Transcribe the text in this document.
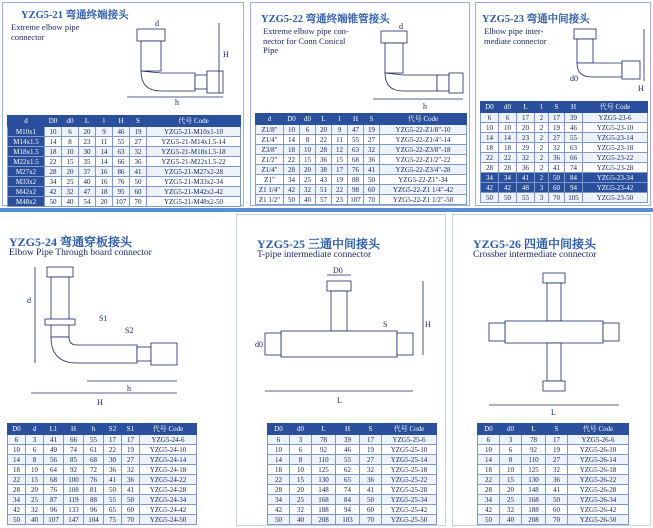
YZG5-21 弯通终端接头
Extreme elbow pipe
connector
d
h
H
d	D0	d0	L	l	H	S	代号 Code
M10x1	10	6	20	9	46	19	YZG5-21-M10x1-10
M14x1.5	14	8	23	11	55	27	YZG5-21-M14x1.5-14
M18x1.5	18	10	30	14	63	32	YZG5-21-M18x1.5-18
M22x1.5	22	15	35	14	66	36	YZG5-21-M22x1.5-22
M27x2	28	20	37	16	86	41	YZG5-21-M27x2-28
M33x2	34	25	40	16	76	50	YZG5-21-M33x2-34
M42x2	42	32	47	18	95	60	YZG5-21-M42x2-42
M48x2	50	40	54	20	107	70	YZG5-21-M48x2-50
YZG5-22 弯通终端锥管接头
Extreme elbow pipe con-
nector for Conn Conical
Pipe
d
h
d	D0	d0	L	l	H	S	代号 Code
Z1/8"	10	6	20	9	47	19	YZG5-22-Z1/8"-10
Z1/4"	14	8	22	11	55	27	YZG5-22-Z1/4"-14
Z3/8"	18	10	28	12	63	32	YZG5-22-Z3/8"-18
Z1/2"	22	15	36	15	68	36	YZG5-22-Z1/2"-22
Z1/4"	28	20	38	17	76	41	YZG5-22-Z3/4"-28
Z1"	34	25	43	19	88	50	YZG5-22-Z1"-34
Z1 1/4"	42	32	51	22	98	60	YZG5-22-Z1 1/4"-42
Z1 1/2"	50	40	57	23	107	70	YZG5-22-Z1 1/2"-50
YZG5-23 弯通中间接头
Elbow pipe inter-
mediate connector
d0
H
D0	d0	L	l	S	H	代号 Code
6	6	17	2	17	39	YZG5-23-6
10	10	20	2	19	46	YZG5-23-10
14	14	23	2	27	55	YZG5-23-14
18	18	29	2	32	63	YZG5-23-18
22	22	32	2	36	66	YZG5-23-22
28	28	36	2	41	74	YZG5-23-28
34	34	41	2	50	84	YZG5-23-34
42	42	48	3	60	94	YZG5-23-42
50	50	55	3	70	105	YZG5-23-50
YZG5-24 弯通穿板接头
Elbow Pipe Through board connector
S1
S2
d
h
H
D0	d	L1	H	h	S2	S1	代号 Code
6	3	41	66	55	17	17	YZG5-24-6
10	6	49	74	61	22	19	YZG5-24-10
14	8	56	85	68	30	27	YZG5-24-14
18	10	64	92	72	36	32	YZG5-24-18
22	15	68	100	76	41	36	YZG5-24-22
28	20	76	108	81	50	41	YZG5-24-28
34	25	87	119	88	55	50	YZG5-24-34
42	32	96	133	96	65	60	YZG5-24-42
50	40	107	147	104	75	70	YZG5-24-50
YZG5-25 三通中间接头
T-pipe intermediate connector
D0
S	H
d0
L
D0	d0	L	H	S	代号 Code
6	3	78	39	17	YZG5-25-6
10	6	92	46	19	YZG5-25-10
14	8	110	55	27	YZG5-25-14
18	10	125	62	32	YZG5-25-18
22	15	130	65	36	YZG5-25-22
28	20	148	74	41	YZG5-25-28
34	25	168	84	50	YZG5-25-34
42	32	188	94	60	YZG5-25-42
50	40	208	103	70	YZG5-25-50
YZG5-26 四通中间接头
Crossber intermediate connector
L
D0	d0	L	S	代号 Code
6	3	78	17	YZG5-26-6
10	6	92	19	YZG5-26-10
14	8	110	27	YZG5-26-14
18	10	125	32	YZG5-26-18
22	15	130	36	YZG5-26-22
28	20	148	41	YZG5-26-28
34	25	168	50	YZG5-26-34
42	32	188	60	YZG5-26-42
50	40	208	70	YZG5-26-50
